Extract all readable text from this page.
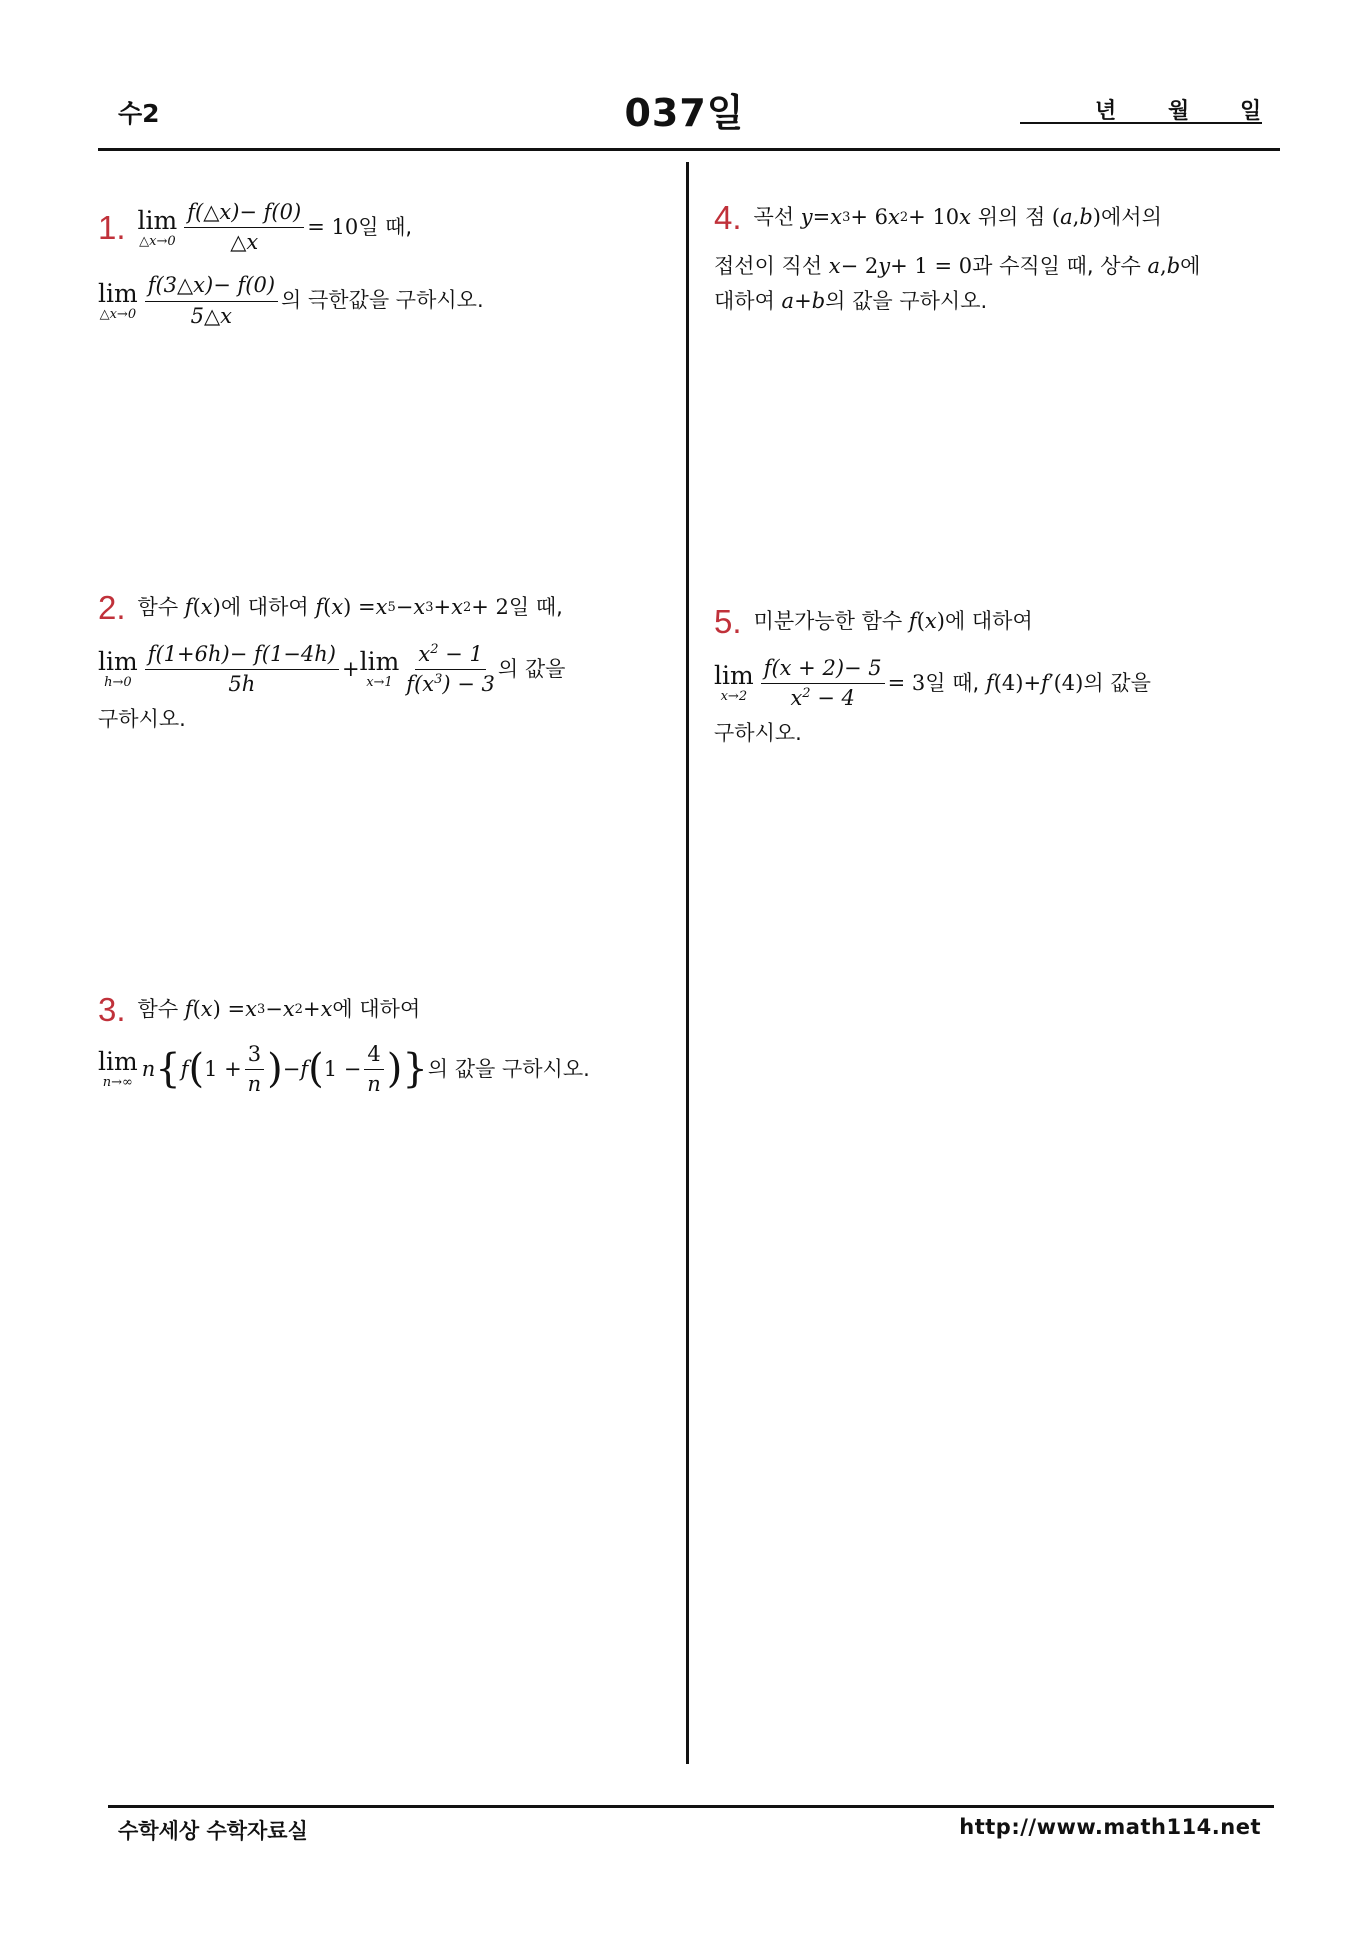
수2	037일	년 월 일
1. lim
△x→0 $\frac{f(\triangle x)- f(0)}{\triangle x} = 10$ 일 때,
lim
△x→0 $\frac{f(3\triangle x)- f(0)}{5\triangle x}$ 의 극한값을 구하시오.
2. 함수
f ( x ) 에 대하여
f ( x ) = x 5 − x 3 + x 2 + 2 일 때,
lim
$h\to 0 \frac{f(1+6h)- f(1-4h)}{5h} + \lim$
$x\to 1 \frac{x^2 - 1}{f(x^3) - 3}$ 의 값을
구하시오.
3. 함수
f ( x ) = x 3 − x 2 + x 에 대하여
lim
n→∞
n { f ( $1 + \frac{3}{n}$ ) − f ( $1 - \frac{4}{n}$ ) } 의 값을 구하시오.
4. 곡선
y = x 3 + 6 x 2 + 10 x
위의 점 ( a , b ) 에서의
접선이 직선
x − 2 y + 1 = 0 과 수직일 때, 상수
a , b 에
대하여
a + b 의 값을 구하시오.
5. 미분가능한 함수
f ( x ) 에 대하여
lim
$x\to 2 \frac{f(x + 2)- 5}{x^2 - 4} = 3$ 일 때,
f (4)+ f ′(4) 의 값을
구하시오.
수학세상 수학자료실	http://www.math114.net
